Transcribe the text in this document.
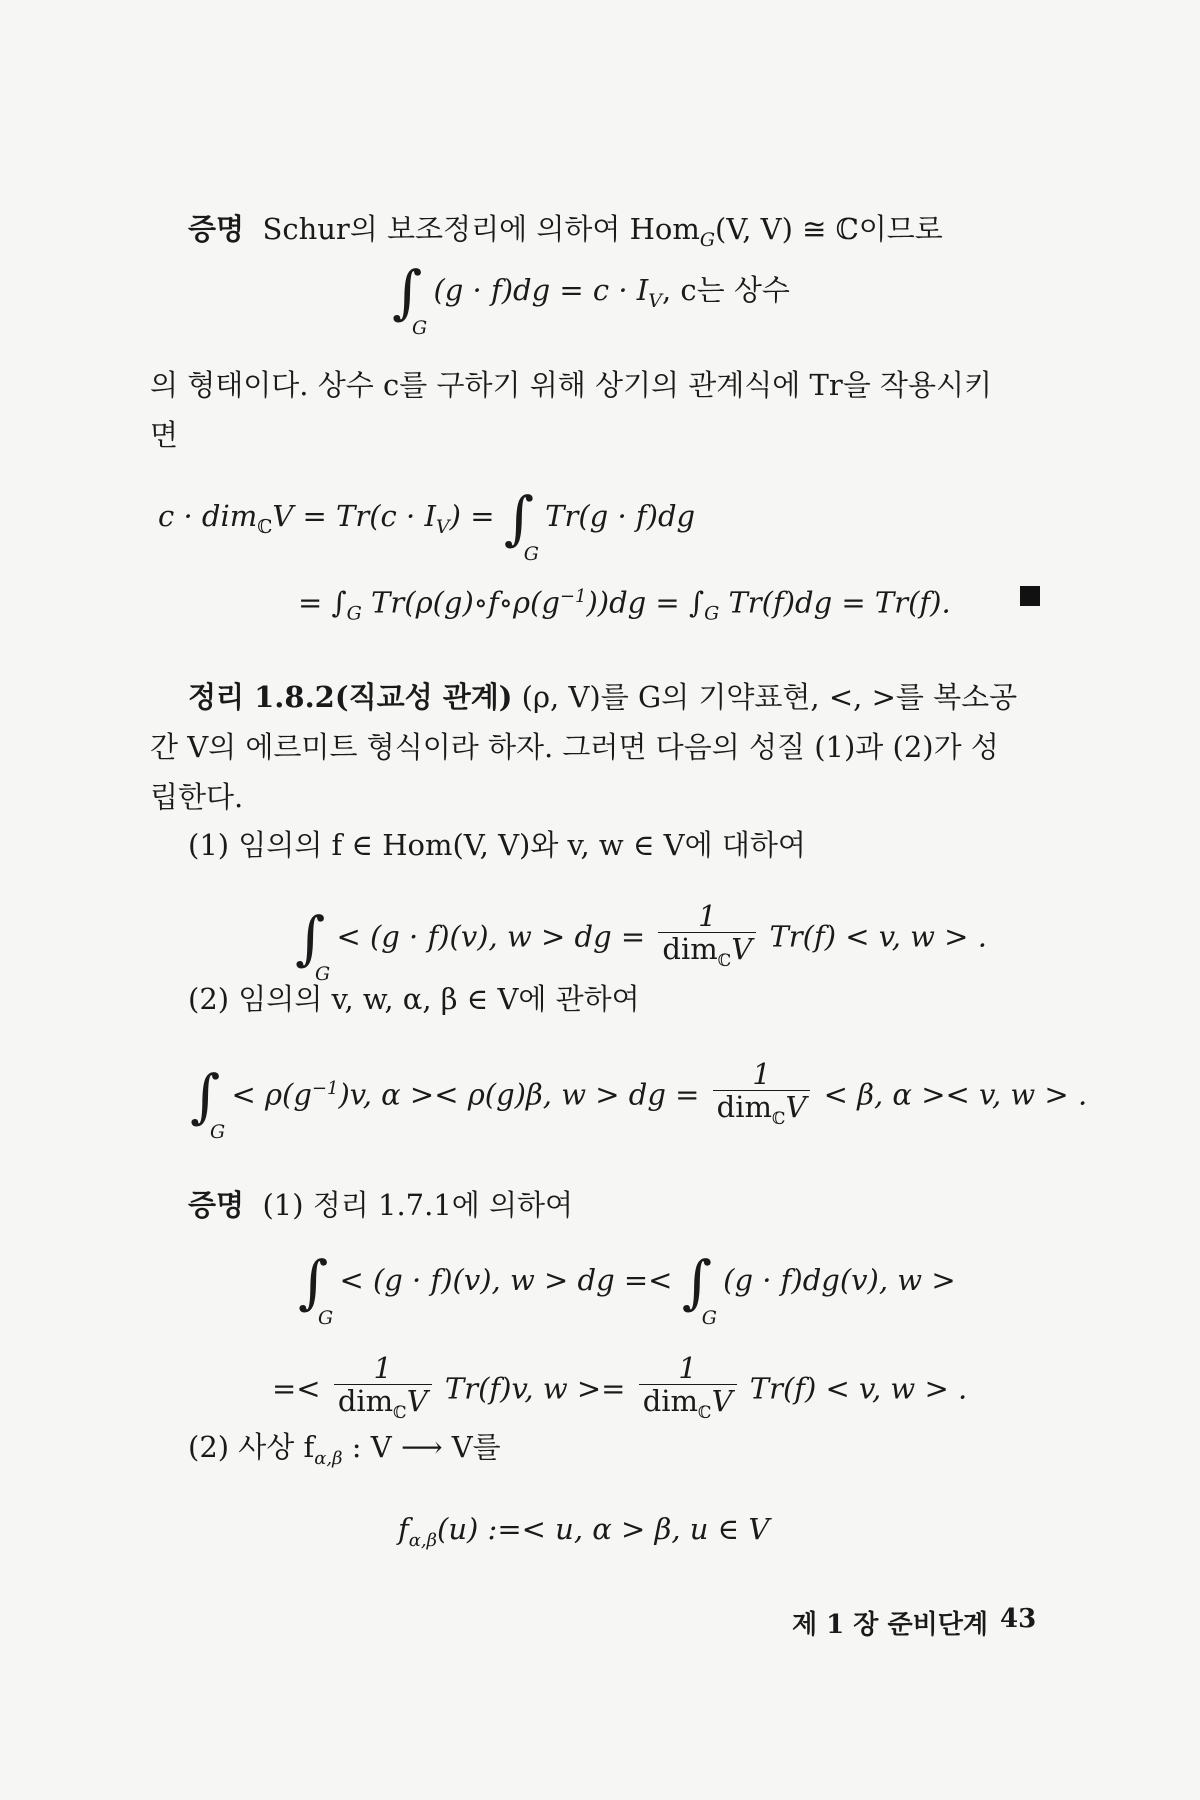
증명 Schur의 보조정리에 의하여 Hom$_G$(V, V) ≅ ℂ이므로
∫
G
$(g \cdot f)dg = c \cdot I_V$, c는 상수
의 형태이다. 상수 c를 구하기 위해 상기의 관계식에 Tr을 작용시키
면
$c \cdot dim_ℂV = Tr(c \cdot I_V)$ = ∫
G
Tr(g · f)dg
= $\int_G$ $Tr(\rho(g)\circ f\circ\rho(g^{-1}))dg = \int_G$ Tr(f)dg = Tr(f).
정리 1.8.2(직교성 관계) (ρ, V)를 G의 기약표현, <, >를 복소공
간 V의 에르미트 형식이라 하자. 그러면 다음의 성질 (1)과 (2)가 성
립한다.
(1) 임의의 f ∈ Hom(V, V)와 v, w ∈ V에 대하여
∫
G
< (g · f)(v), w > dg = $\frac{1}{dim_ℂV} Tr(f) < v$, w > .
(2) 임의의 v, w, α, β ∈ V에 관하여
∫
G
< $\rho(g^{-1})v$, α >< ρ(g)β, w > dg = $\frac{1}{dim_ℂV} < \beta$, α >< v, w > .
증명 (1) 정리 1.7.1에 의하여
∫
G
< (g · f)(v), w > dg =< ∫
G
(g · f)dg(v), w >
=< $\frac{1}{dim_ℂV} Tr(f)v$, $w >= \frac{1}{dim_ℂV} Tr(f) < v$, w > .
(2) 사상 $f_{\alpha,\beta}$ : V ⟶ V를
$f_{\alpha,\beta}(u)$ :=< u, α > β, u ∈ V
제 1 장 준비단계 43
